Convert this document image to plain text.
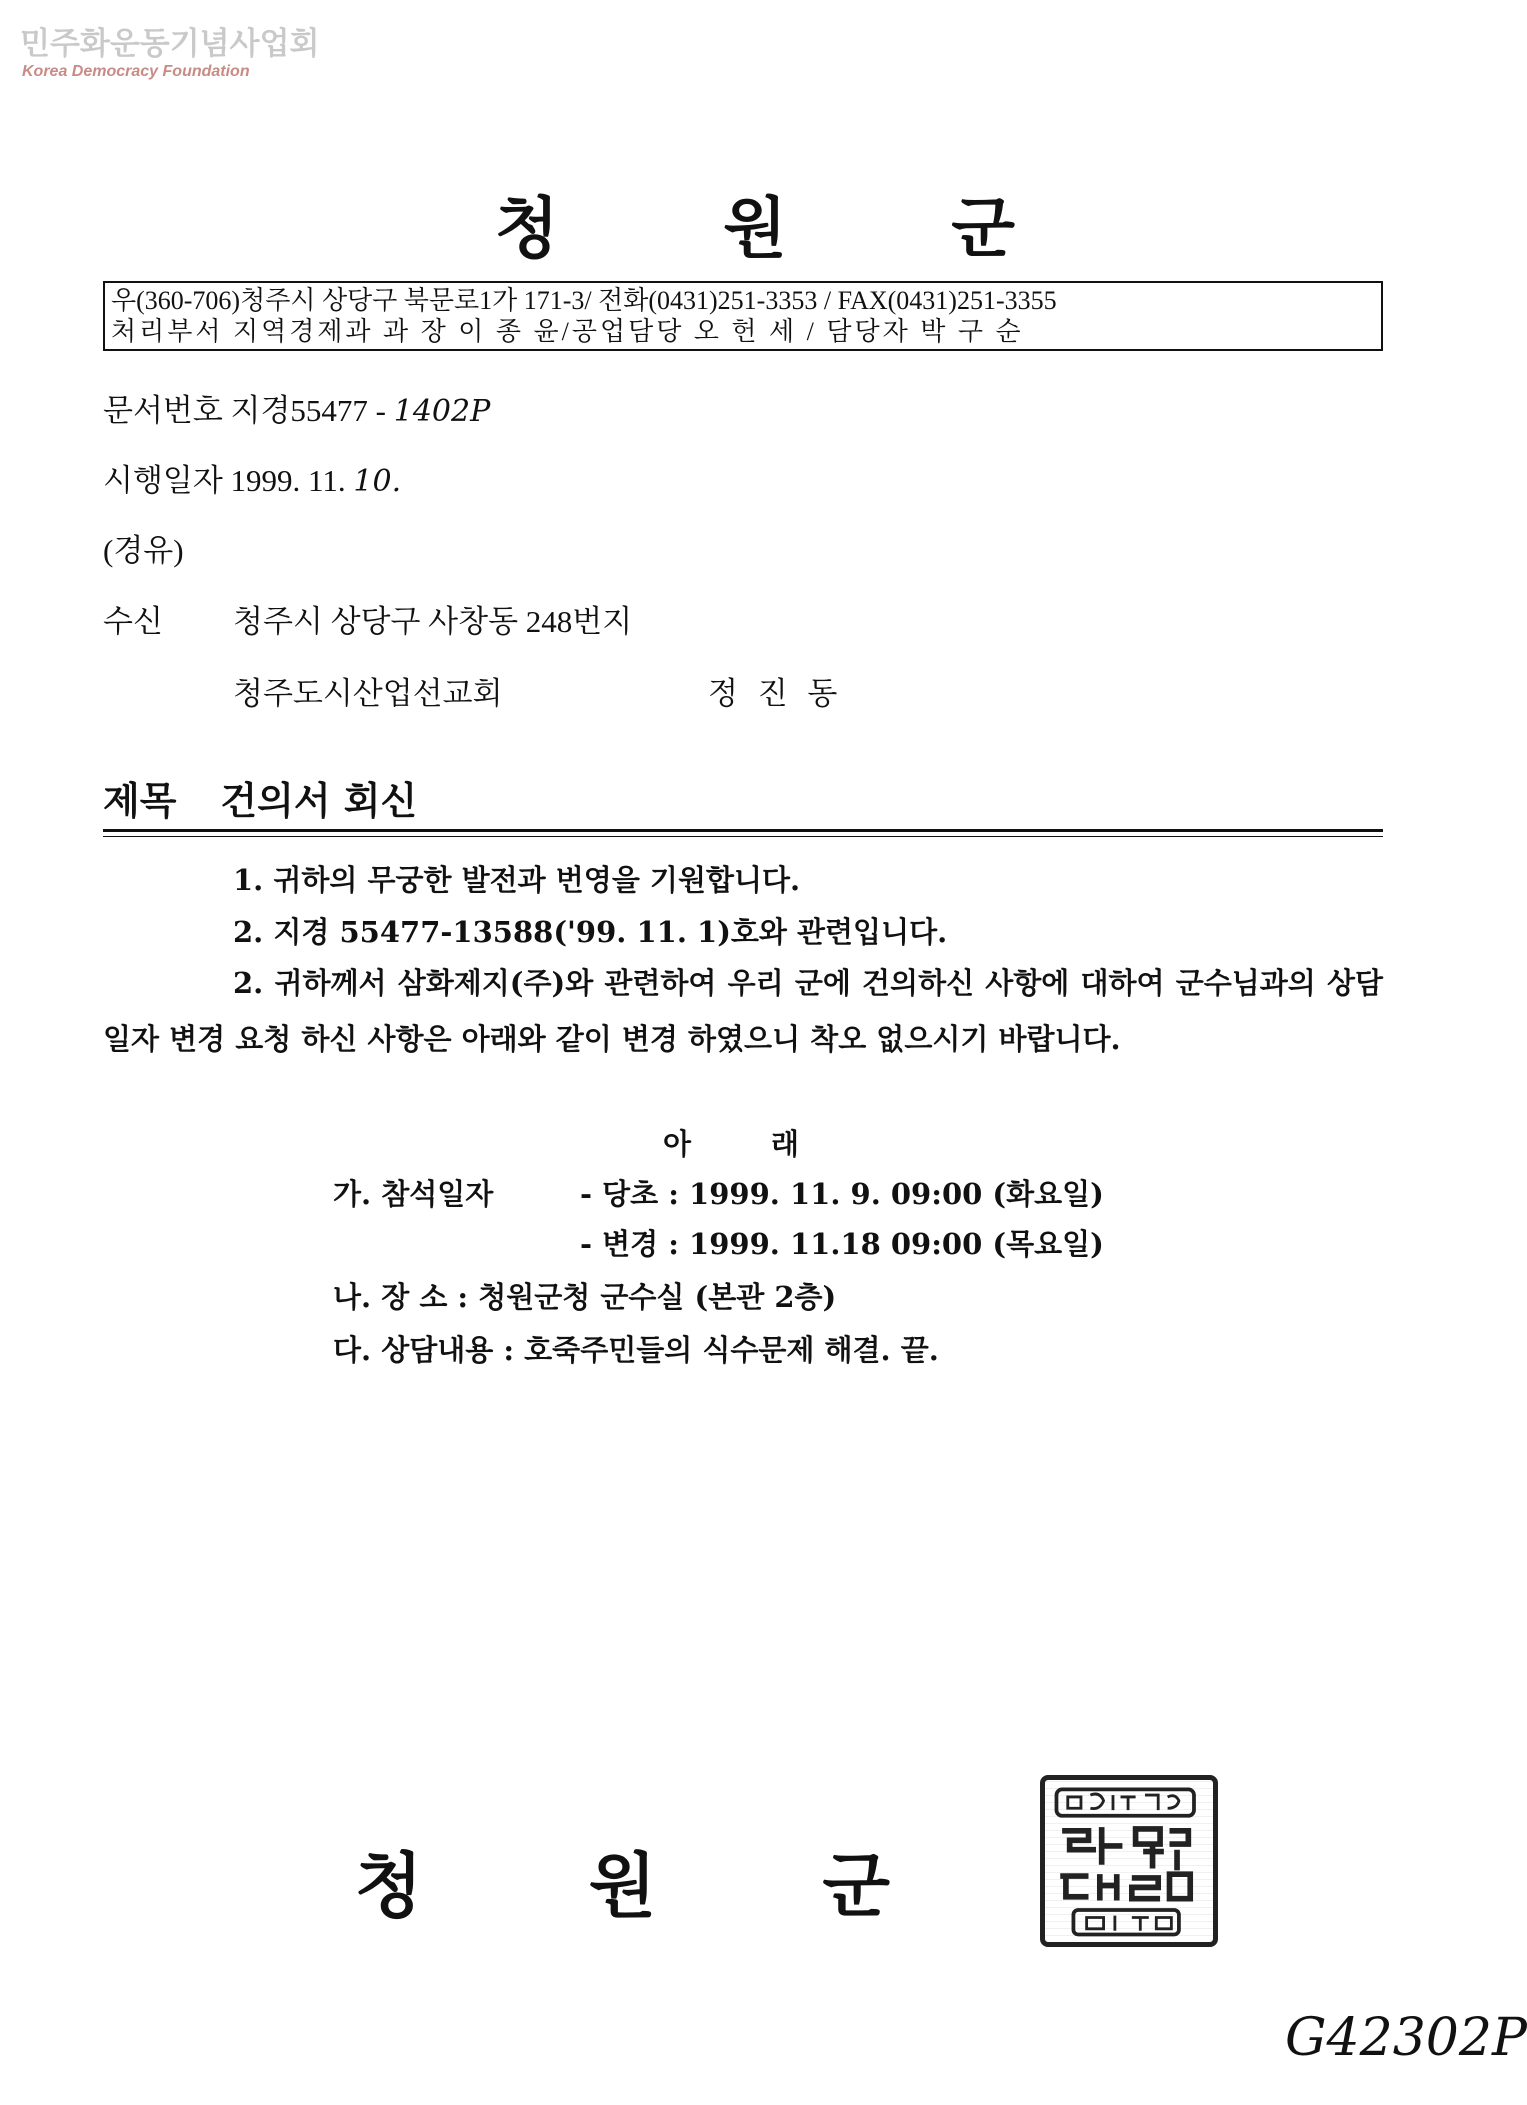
민주화운동기념사업회
Korea Democracy Foundation
청 원 군
우(360-706)청주시 상당구 북문로1가 171-3/ 전화(0431)251-3353 / FAX(0431)251-3355
처리부서 지역경제과 과 장 이 종 윤/공업담당 오 헌 세 / 담당자 박 구 순
문서번호 지경55477 - 1402P
시행일자 1999. 11. 10.
(경유)
수신 청주시 상당구 사창동 248번지
청주도시산업선교회	정 진 동
제목 건의서 회신
1. 귀하의 무궁한 발전과 번영을 기원합니다.
2. 지경 55477-13588('99. 11. 1)호와 관련입니다.
2. 귀하께서 삼화제지(주)와 관련하여 우리 군에 건의하신 사항에 대하여 군수님과의 상담일자 변경 요청 하신 사항은 아래와 같이 변경 하였으니 착오 없으시기 바랍니다.
아래
가. 참석일자	- 당초 : 1999. 11. 9. 09:00 (화요일)
- 변경 : 1999. 11.18 09:00 (목요일)
나. 장 소 : 청원군청 군수실 (본관 2층)
다. 상담내용 : 호죽주민들의 식수문제 해결. 끝.
청 원 군
G42302P
